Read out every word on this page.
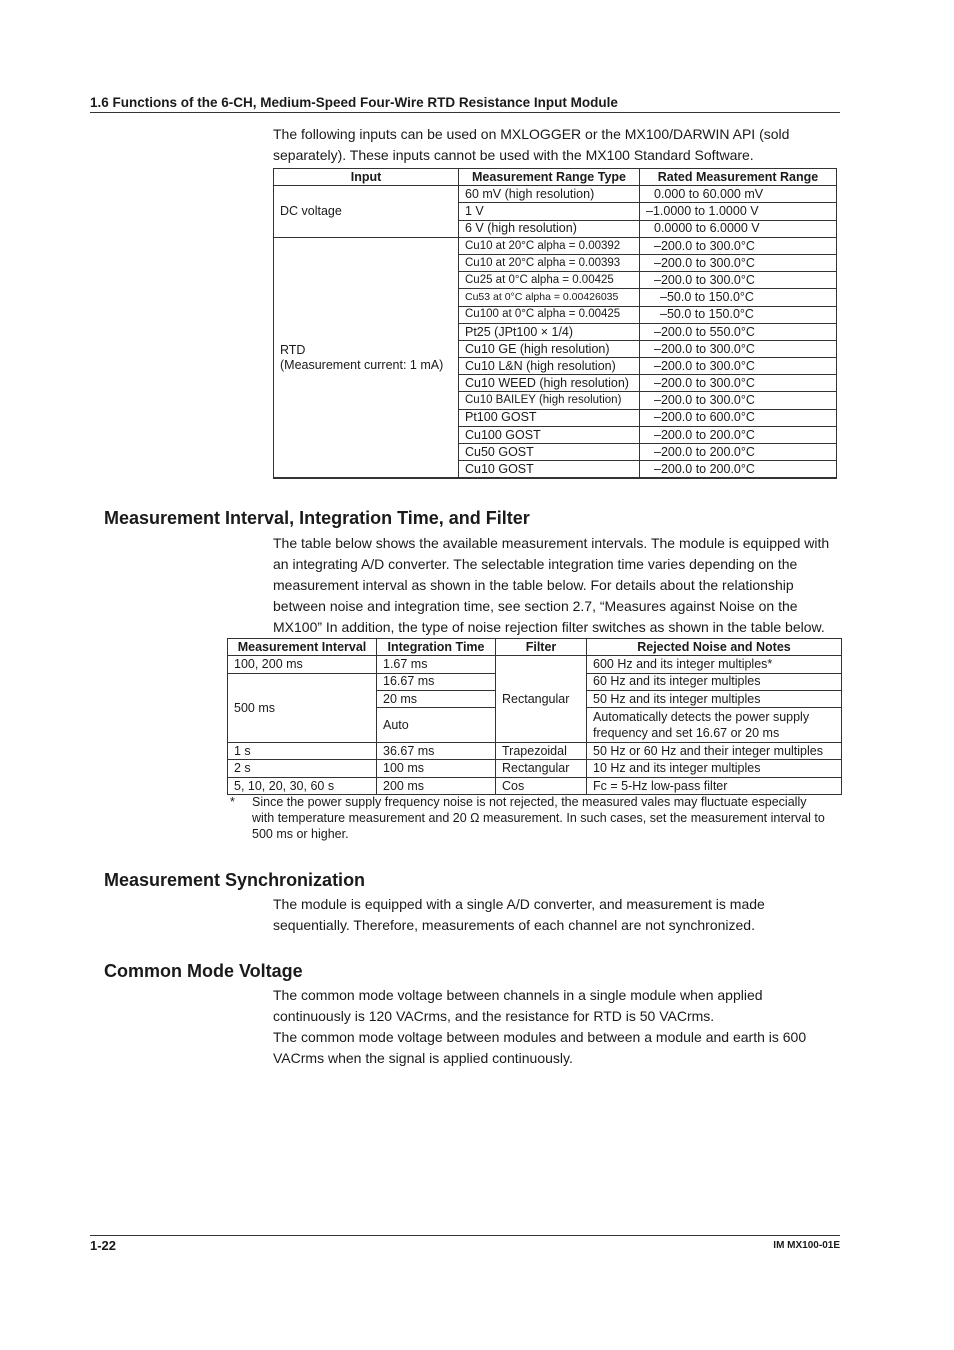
1.6 Functions of the 6-CH, Medium-Speed Four-Wire RTD Resistance Input Module

The following inputs can be used on MXLOGGER or the MX100/DARWIN API (sold separately). These inputs cannot be used with the MX100 Standard Software.

Input	Measurement Range Type	Rated Measurement Range
DC voltage	60 mV (high resolution)	0.000 to 60.000 mV
	1 V	–1.0000 to 1.0000 V
	6 V (high resolution)	0.0000 to 6.0000 V
RTD
(Measurement current: 1 mA)	Cu10 at 20°C alpha = 0.00392	–200.0 to 300.0°C
	Cu10 at 20°C alpha = 0.00393	–200.0 to 300.0°C
	Cu25 at 0°C alpha = 0.00425	–200.0 to 300.0°C
	Cu53 at 0°C alpha = 0.00426035	–50.0 to 150.0°C
	Cu100 at 0°C alpha = 0.00425	–50.0 to 150.0°C
	Pt25 (JPt100 × 1/4)	–200.0 to 550.0°C
	Cu10 GE (high resolution)	–200.0 to 300.0°C
	Cu10 L&N (high resolution)	–200.0 to 300.0°C
	Cu10 WEED (high resolution)	–200.0 to 300.0°C
	Cu10 BAILEY (high resolution)	–200.0 to 300.0°C
	Pt100 GOST	–200.0 to 600.0°C
	Cu100 GOST	–200.0 to 200.0°C
	Cu50 GOST	–200.0 to 200.0°C
	Cu10 GOST	–200.0 to 200.0°C
Measurement Interval, Integration Time, and Filter

The table below shows the available measurement intervals. The module is equipped with an integrating A/D converter. The selectable integration time varies depending on the measurement interval as shown in the table below. For details about the relationship between noise and integration time, see section 2.7, “Measures against Noise on the MX100” In addition, the type of noise rejection filter switches as shown in the table below.

Measurement Interval	Integration Time	Filter	Rejected Noise and Notes
100, 200 ms	1.67 ms	Rectangular	600 Hz and its integer multiples*
500 ms	16.67 ms		60 Hz and its integer multiples
	20 ms		50 Hz and its integer multiples
	Auto		Automatically detects the power supply frequency and set 16.67 or 20 ms
1 s	36.67 ms	Trapezoidal	50 Hz or 60 Hz and their integer multiples
2 s	100 ms	Rectangular	10 Hz and its integer multiples
5, 10, 20, 30, 60 s	200 ms	Cos	Fc = 5-Hz low-pass filter
* Since the power supply frequency noise is not rejected, the measured vales may fluctuate especially with temperature measurement and 20 Ω measurement. In such cases, set the measurement interval to 500 ms or higher.
Measurement Synchronization

The module is equipped with a single A/D converter, and measurement is made sequentially. Therefore, measurements of each channel are not synchronized.

Common Mode Voltage

The common mode voltage between channels in a single module when applied continuously is 120 VACrms, and the resistance for RTD is 50 VACrms.

The common mode voltage between modules and between a module and earth is 600 VACrms when the signal is applied continuously.

1-22	IM MX100-01E
